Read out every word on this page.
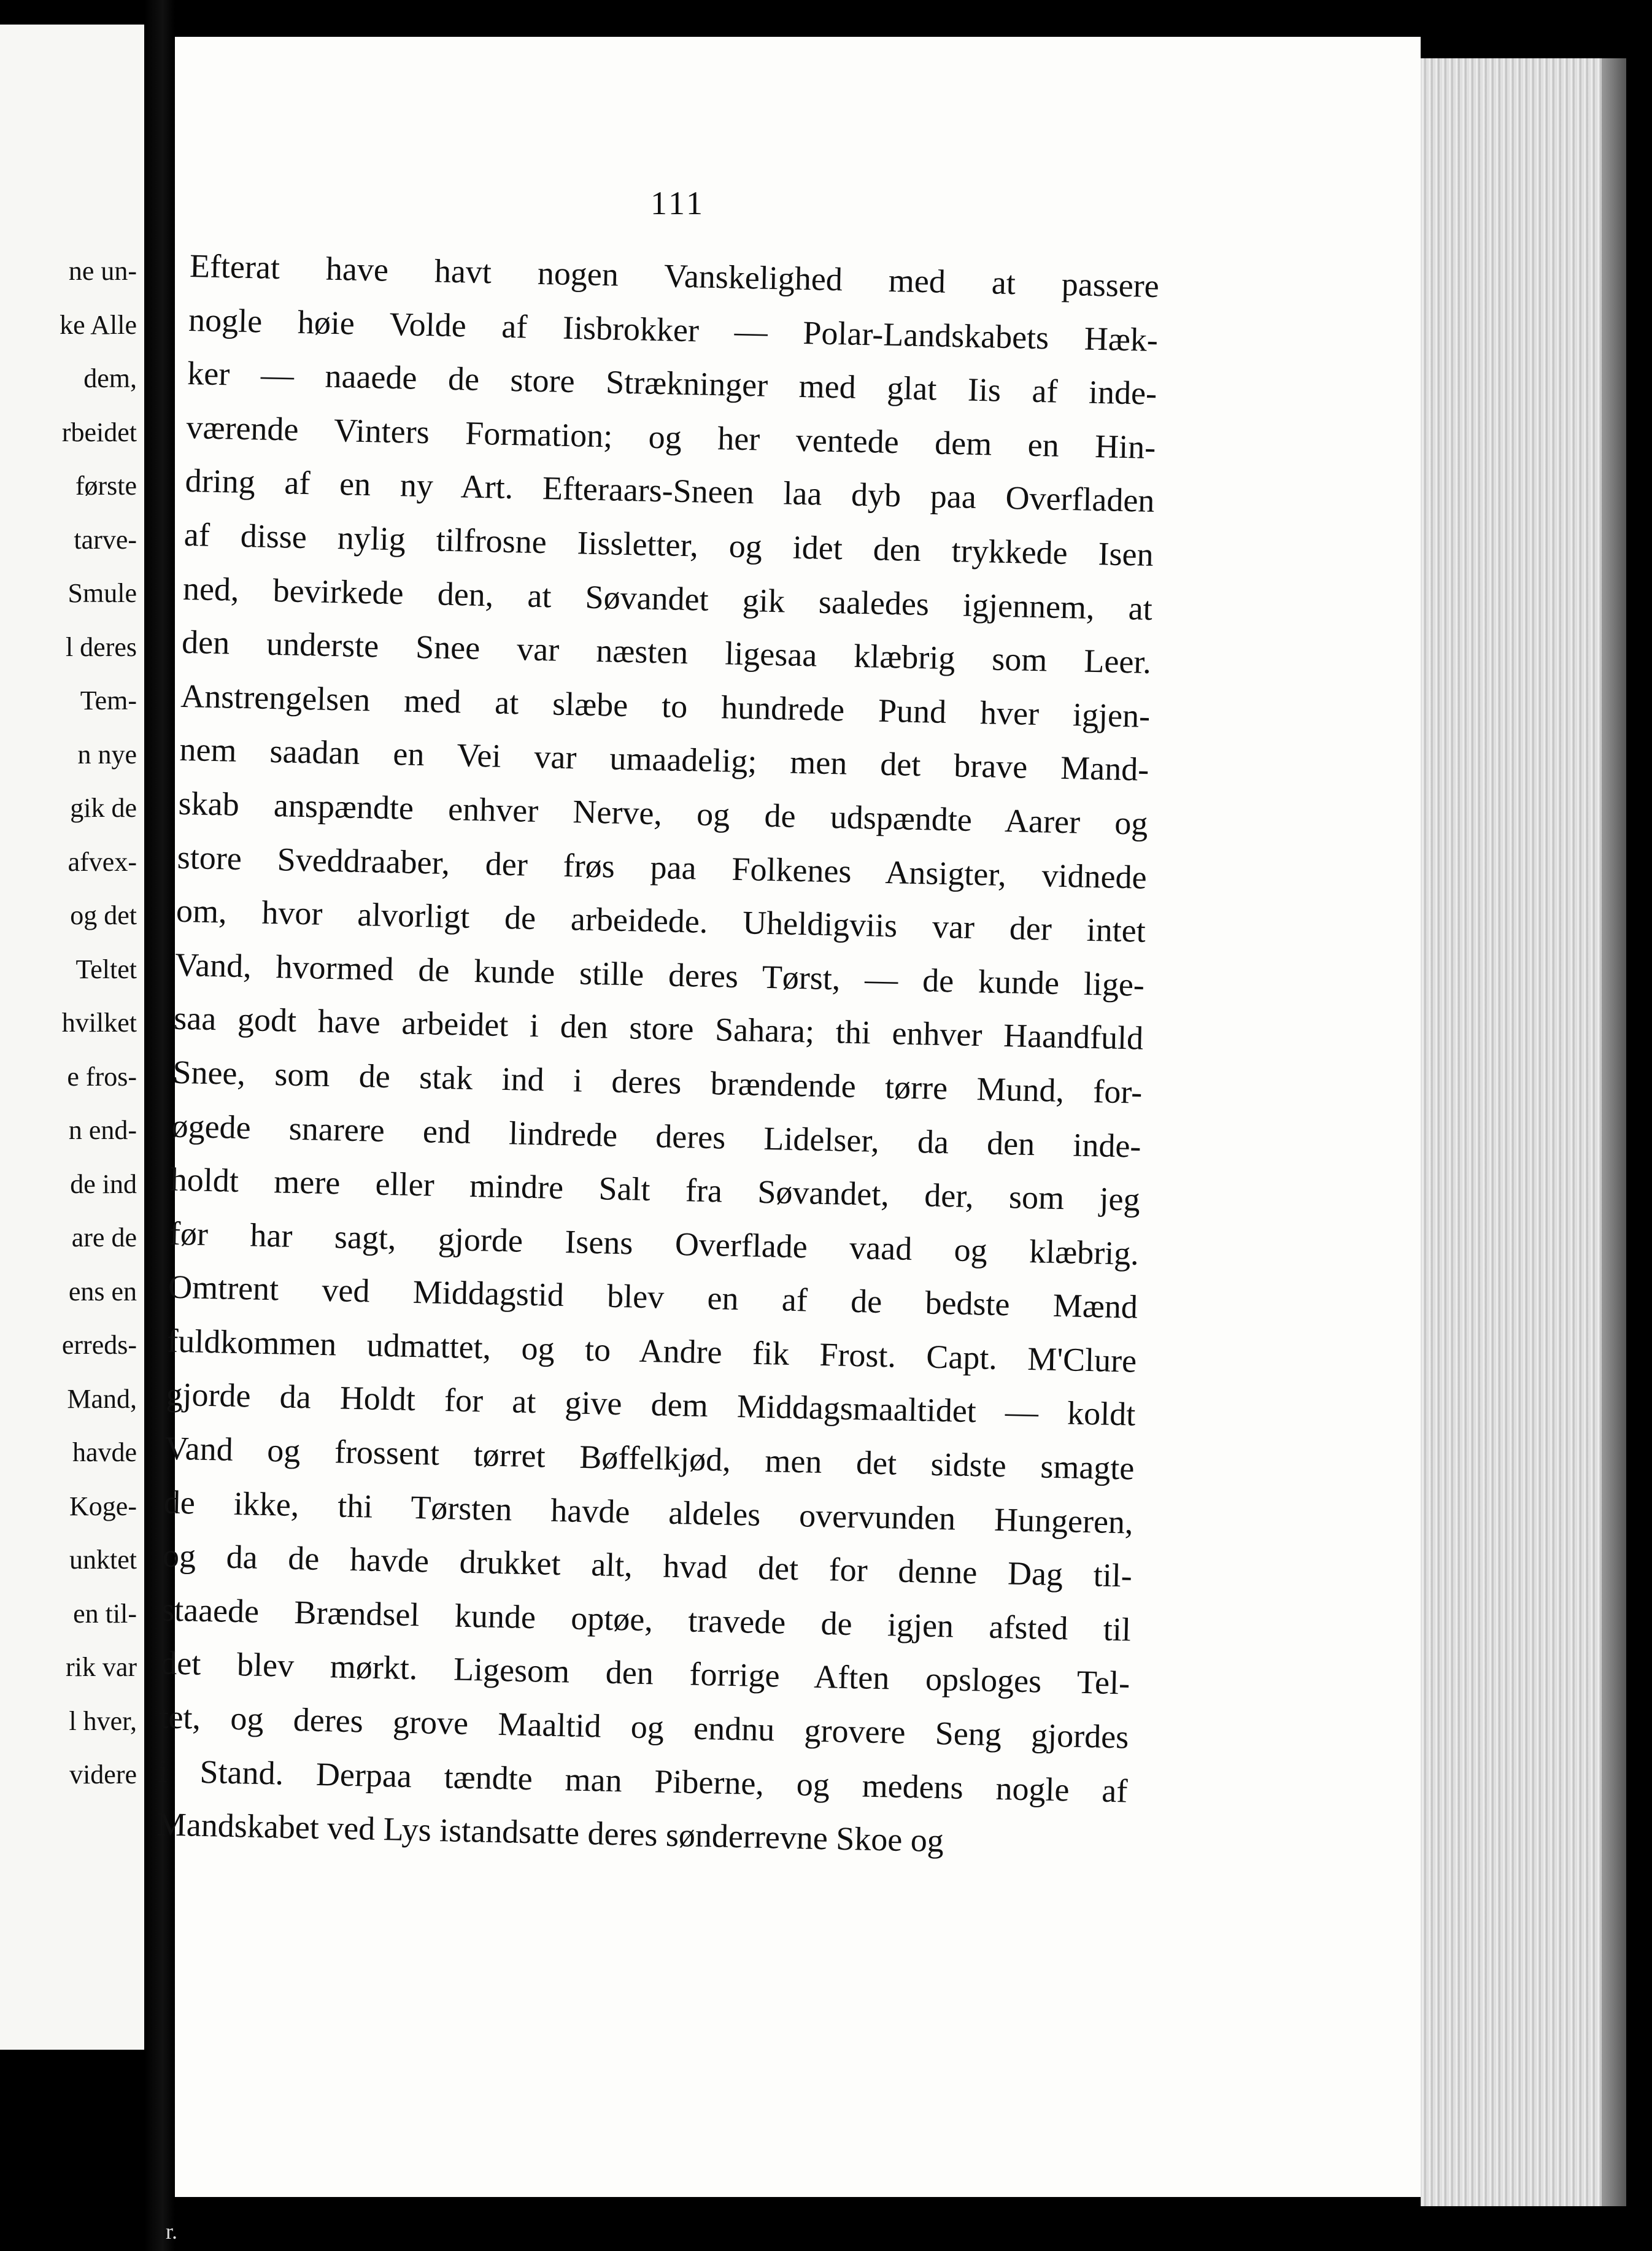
ne un-
ke Alle
dem,
rbeidet
første
tarve-
Smule
l deres
Tem-
n nye
gik de
afvex-
og det
Teltet
hvilket
e fros-
n end-
de ind
are de
ens en
erreds-
Mand,
havde
Koge-
unktet
en til-
rik var
l hver,
videre
111
Efterat have havt nogen Vanskelighed med at passere
nogle høie Volde af Iisbrokker — Polar-Landskabets Hæk-
ker — naaede de store Strækninger med glat Iis af inde-
værende Vinters Formation; og her ventede dem en Hin-
dring af en ny Art. Efteraars-Sneen laa dyb paa Overfladen
af disse nylig tilfrosne Iissletter, og idet den trykkede Isen
ned, bevirkede den, at Søvandet gik saaledes igjennem, at
den underste Snee var næsten ligesaa klæbrig som Leer.
Anstrengelsen med at slæbe to hundrede Pund hver igjen-
nem saadan en Vei var umaadelig; men det brave Mand-
skab anspændte enhver Nerve, og de udspændte Aarer og
store Sveddraaber, der frøs paa Folkenes Ansigter, vidnede
om, hvor alvorligt de arbeidede. Uheldigviis var der intet
Vand, hvormed de kunde stille deres Tørst, — de kunde lige-
saa godt have arbeidet i den store Sahara; thi enhver Haandfuld
Snee, som de stak ind i deres brændende tørre Mund, for-
øgede snarere end lindrede deres Lidelser, da den inde-
holdt mere eller mindre Salt fra Søvandet, der, som jeg
før har sagt, gjorde Isens Overflade vaad og klæbrig.
Omtrent ved Middagstid blev en af de bedste Mænd
fuldkommen udmattet, og to Andre fik Frost. Capt. M'Clure
gjorde da Holdt for at give dem Middagsmaaltidet — koldt
Vand og frossent tørret Bøffelkjød, men det sidste smagte
de ikke, thi Tørsten havde aldeles overvunden Hungeren,
og da de havde drukket alt, hvad det for denne Dag til-
staaede Brændsel kunde optøe, travede de igjen afsted til
det blev mørkt. Ligesom den forrige Aften opsloges Tel-
tet, og deres grove Maaltid og endnu grovere Seng gjordes
i Stand. Derpaa tændte man Piberne, og medens nogle af
Mandskabet ved Lys istandsatte deres sønderrevne Skoe og
r.
